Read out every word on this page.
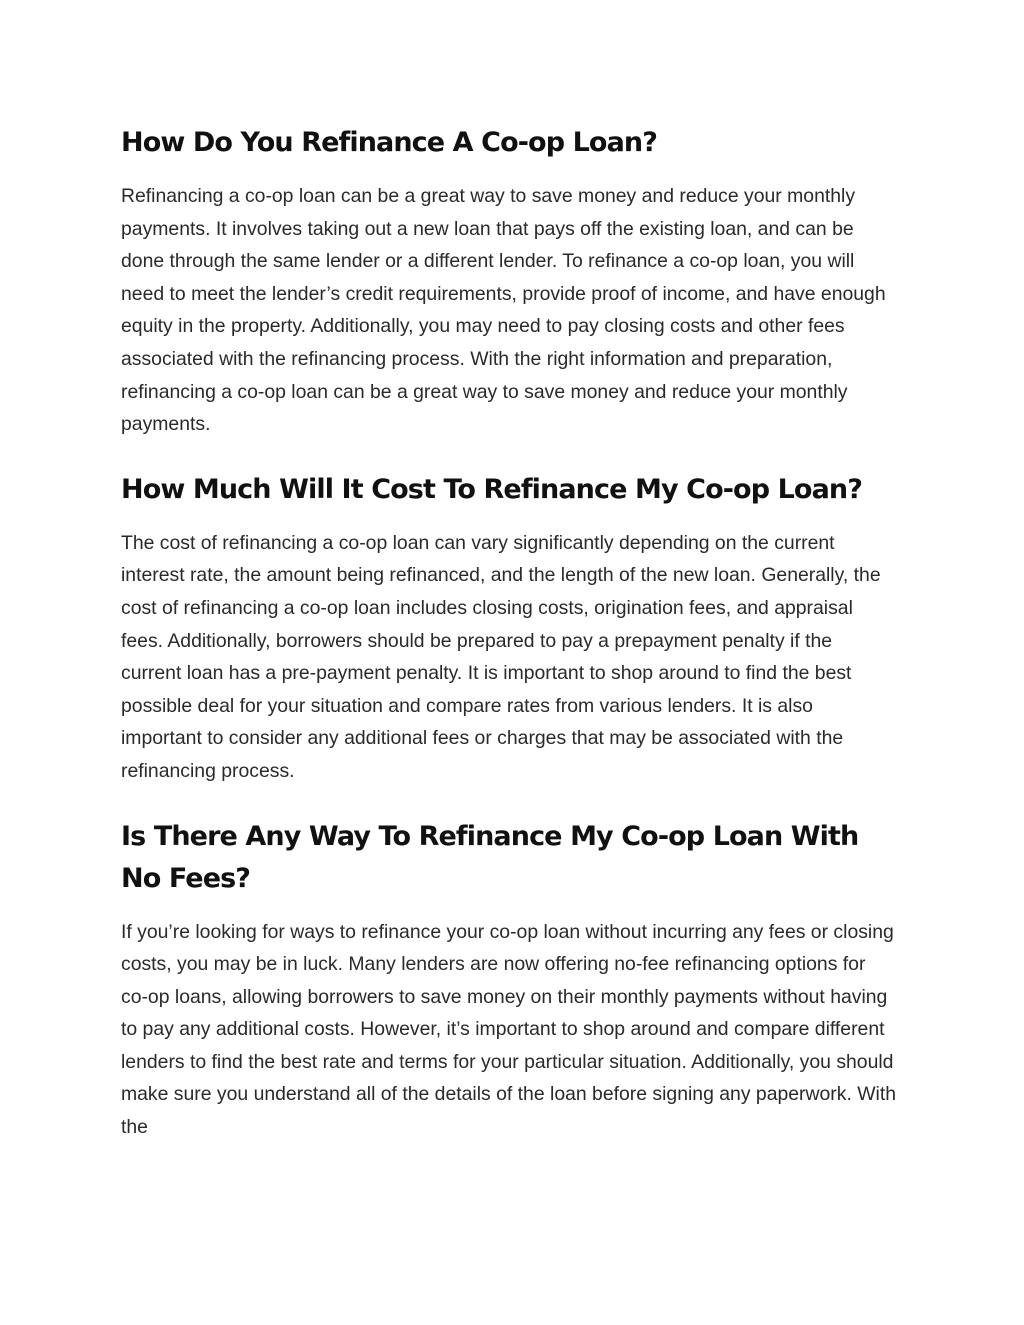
How Do You Refinance A Co-op Loan?

Refinancing a co-op loan can be a great way to save money and reduce your monthly payments. It involves taking out a new loan that pays off the existing loan, and can be done through the same lender or a different lender. To refinance a co-op loan, you will need to meet the lender’s credit requirements, provide proof of income, and have enough equity in the property. Additionally, you may need to pay closing costs and other fees associated with the refinancing process. With the right information and preparation, refinancing a co-op loan can be a great way to save money and reduce your monthly payments.

How Much Will It Cost To Refinance My Co-op Loan?

The cost of refinancing a co-op loan can vary significantly depending on the current interest rate, the amount being refinanced, and the length of the new loan. Generally, the cost of refinancing a co-op loan includes closing costs, origination fees, and appraisal fees. Additionally, borrowers should be prepared to pay a prepayment penalty if the current loan has a pre-payment penalty. It is important to shop around to find the best possible deal for your situation and compare rates from various lenders. It is also important to consider any additional fees or charges that may be associated with the refinancing process.

Is There Any Way To Refinance My Co-op Loan With No Fees?

If you’re looking for ways to refinance your co-op loan without incurring any fees or closing costs, you may be in luck. Many lenders are now offering no-fee refinancing options for co-op loans, allowing borrowers to save money on their monthly payments without having to pay any additional costs. However, it’s important to shop around and compare different lenders to find the best rate and terms for your particular situation. Additionally, you should make sure you understand all of the details of the loan before signing any paperwork. With the
